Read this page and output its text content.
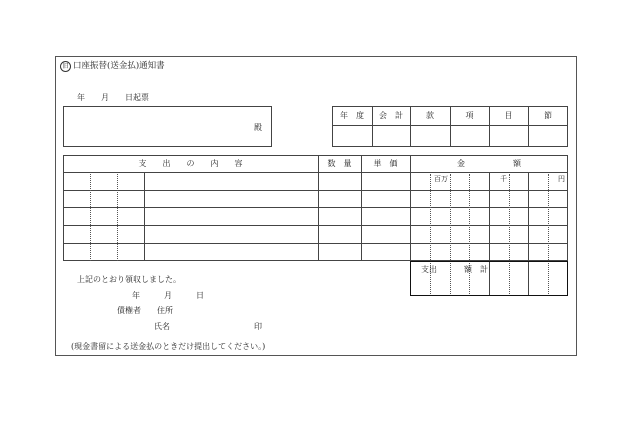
旧 口座振替(送金払)通知書
年　　月　　日起票
殿
年　度	会　計	款	項	目	節
支　　出　　の　　内　　容	数　量	単　価	金　　　　　　額
百万	千	円
支出	額　計
上記のとおり領収しました。
年　　　月　　　日
債権者　　住所
氏名	印
(現金書留による送金払のときだけ提出してください。)
